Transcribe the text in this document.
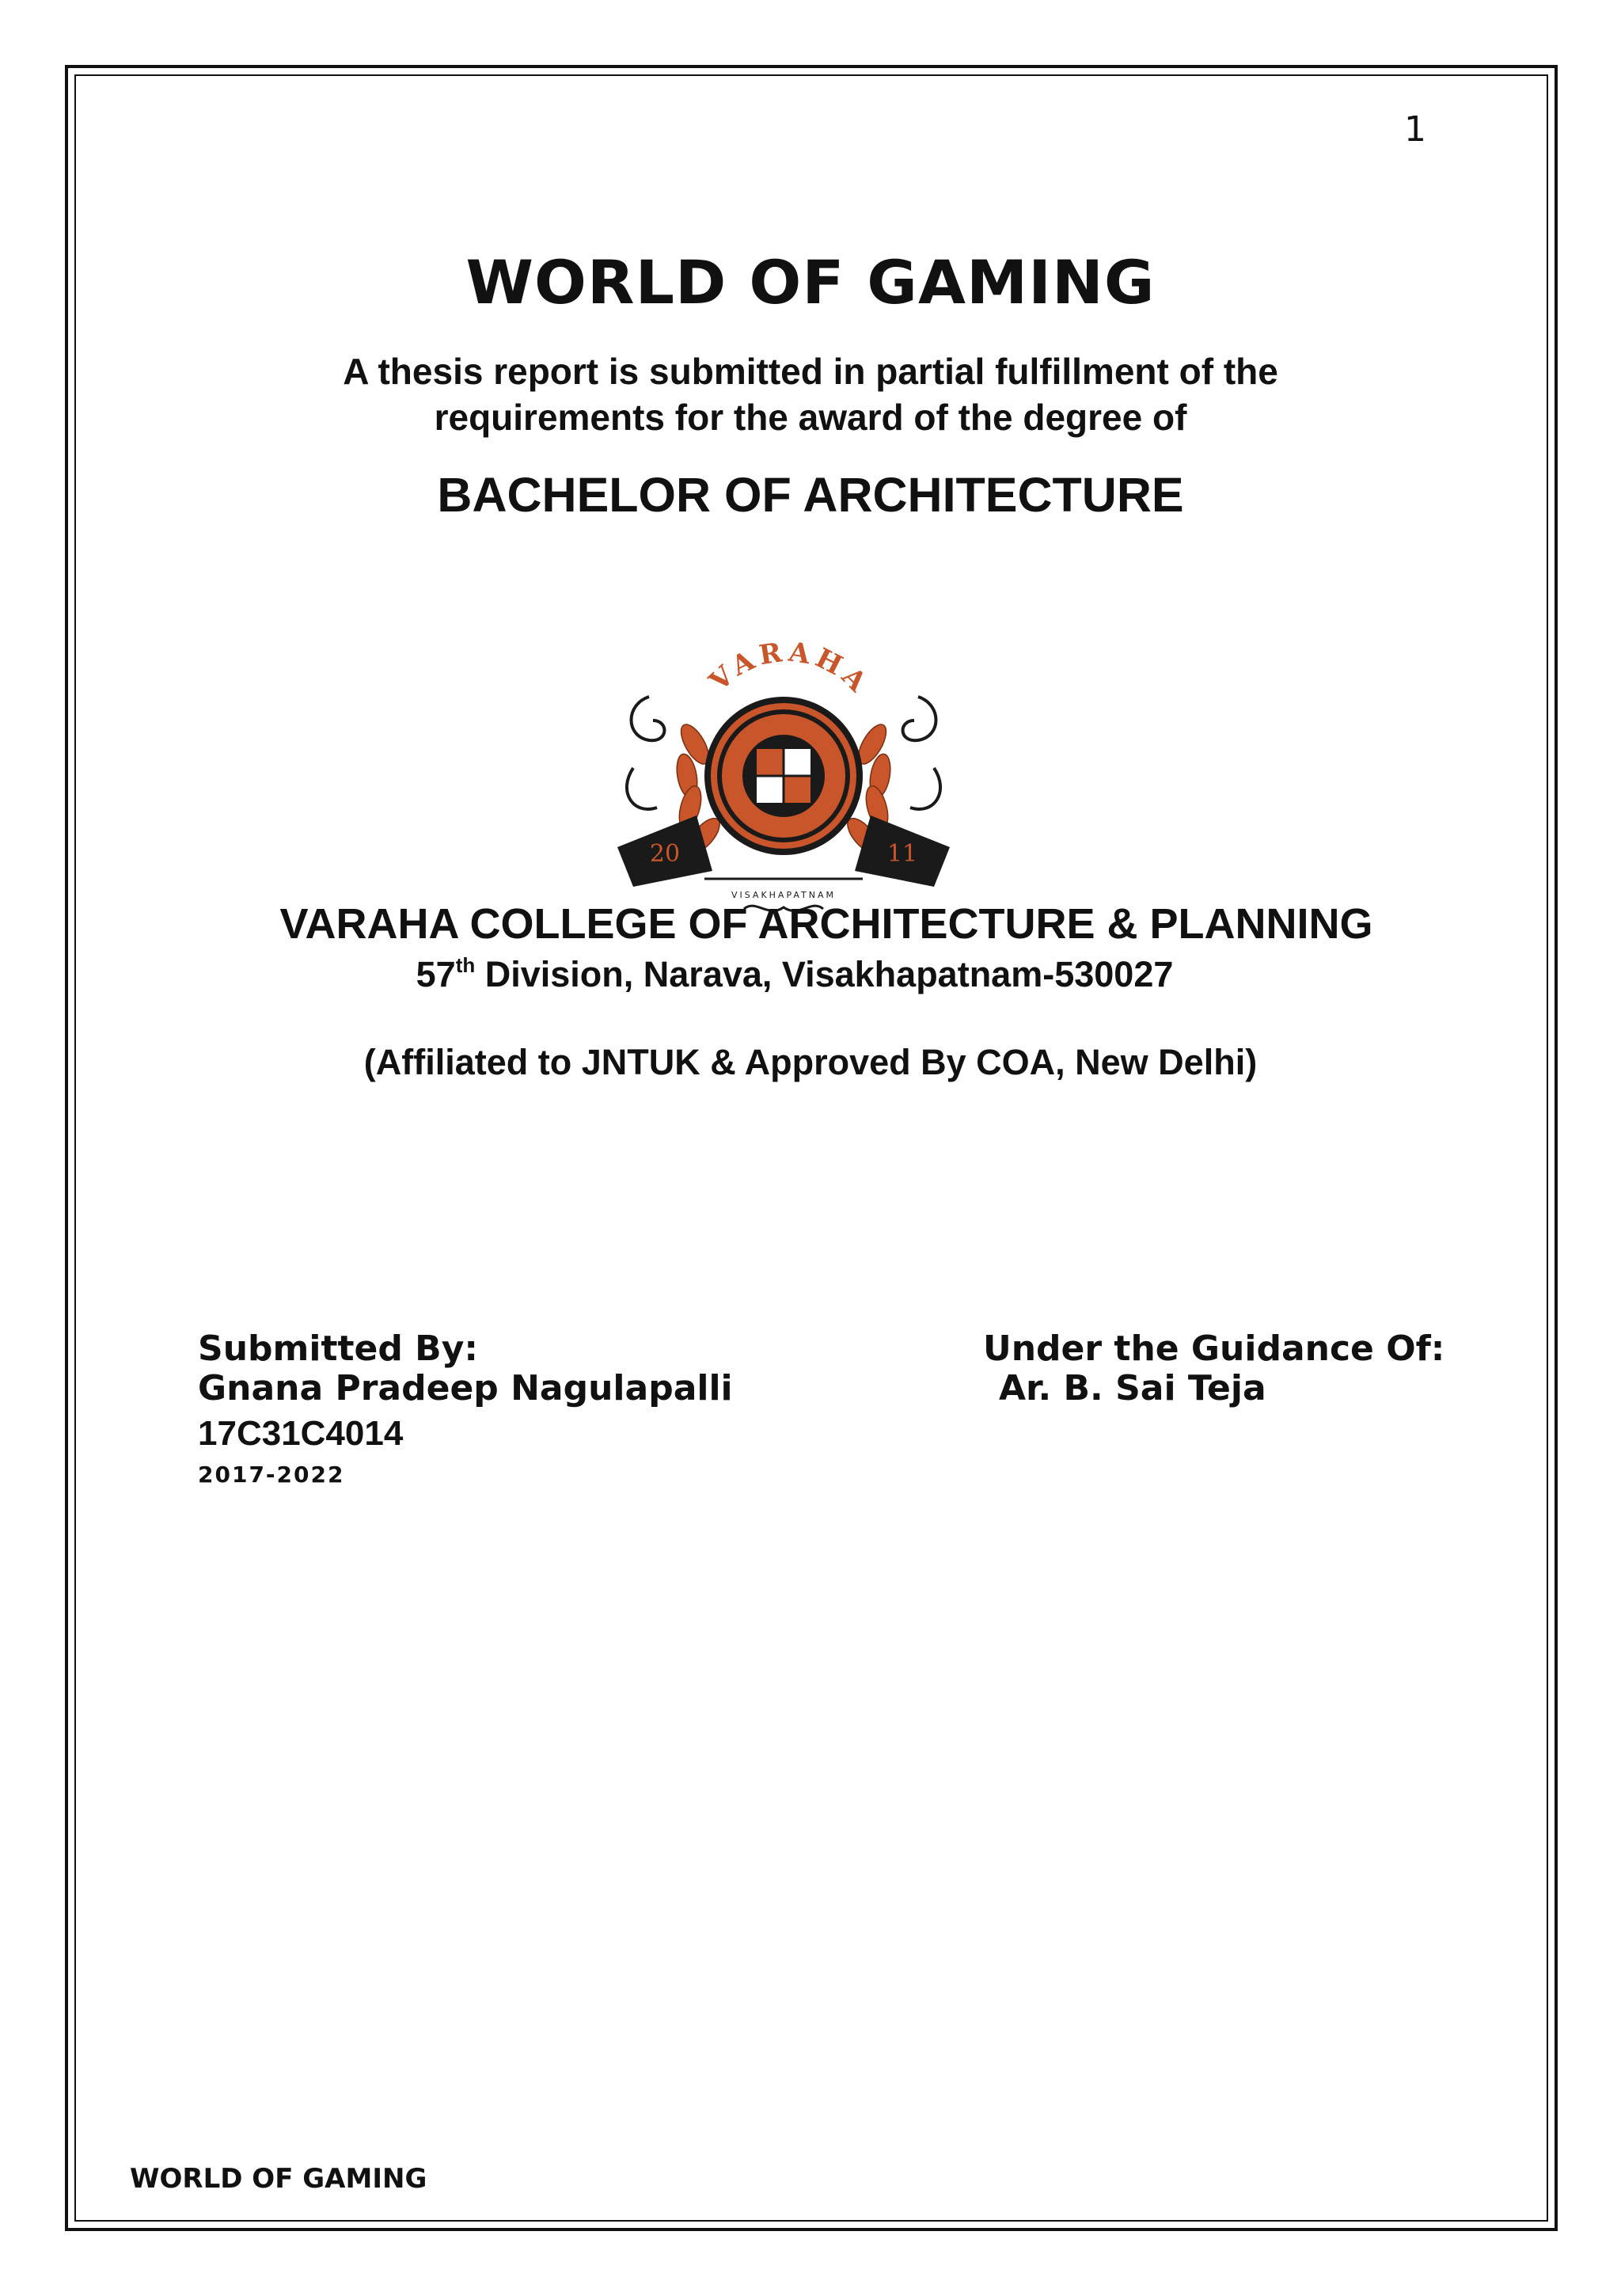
1
WORLD OF GAMING
A thesis report is submitted in partial fulfillment of the
requirements for the award of the degree of
BACHELOR OF ARCHITECTURE
VARAHA
20	11
VISAKHAPATNAM
VARAHA COLLEGE OF ARCHITECTURE & PLANNING
57th Division, Narava, Visakhapatnam-530027
(Affiliated to JNTUK & Approved By COA, New Delhi)
Submitted By:
Gnana Pradeep Nagulapalli
17C31C4014
2017-2022
Under the Guidance Of:
Ar. B. Sai Teja
WORLD OF GAMING
